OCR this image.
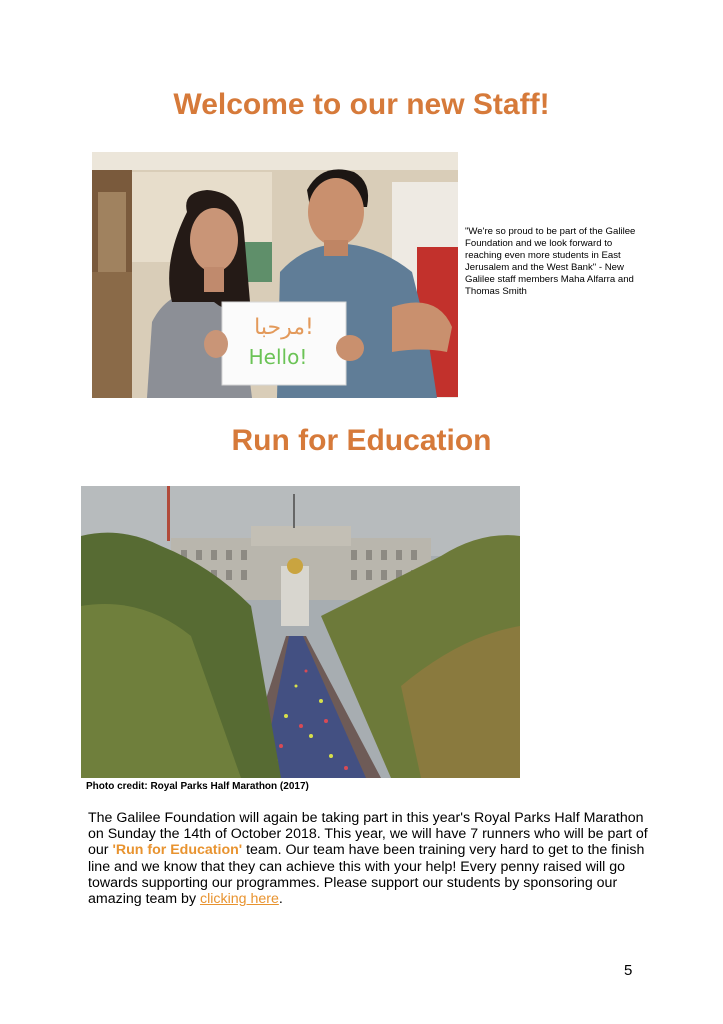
Welcome to our new Staff!
مرحبا!
Hello!

"We're so proud to be part of the Galilee Foundation and we look forward to reaching even more students in East Jerusalem and the West Bank" - New Galilee staff members Maha Alfarra and Thomas Smith

Run for Education

Photo credit: Royal Parks Half Marathon (2017)

The Galilee Foundation will again be taking part in this year's Royal Parks Half Marathon on Sunday the 14th of October 2018. This year, we will have 7 runners who will be part of our 'Run for Education' team. Our team have been training very hard to get to the finish line and we know that they can achieve this with your help! Every penny raised will go towards supporting our programmes. Please support our students by sponsoring our amazing team by clicking here.

5
